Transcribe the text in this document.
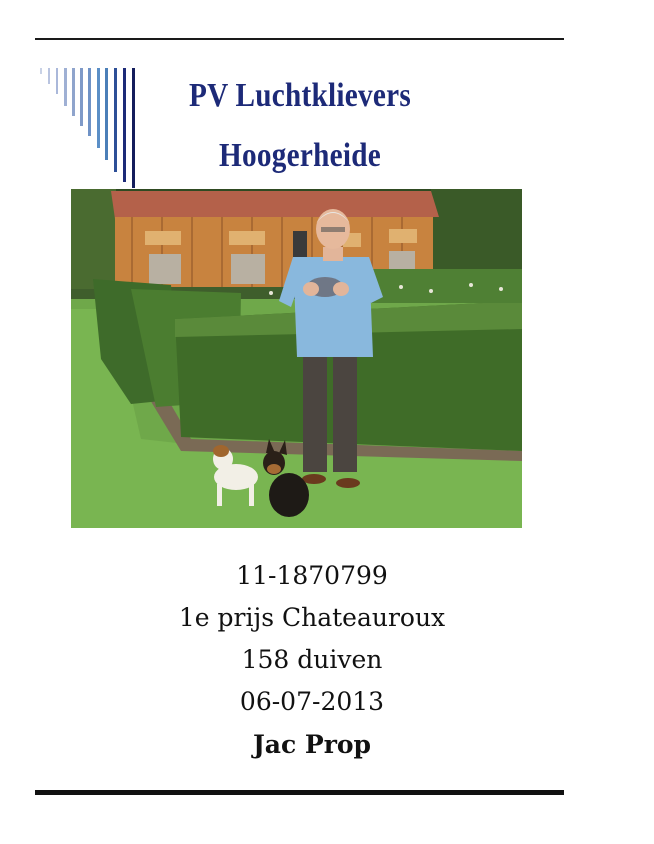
PV Luchtklievers
Hoogerheide
11-1870799
1e prijs Chateauroux
158 duiven
06-07-2013
Jac Prop
